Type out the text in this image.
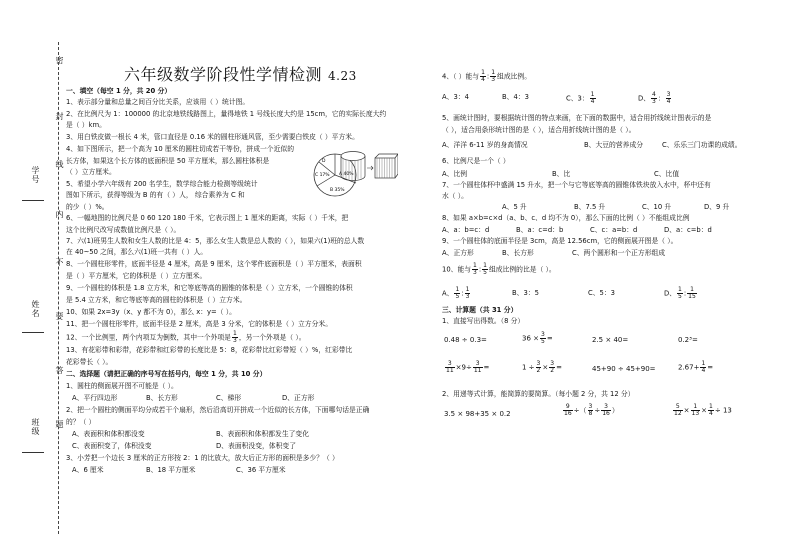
密
封
线
内
不
要
答
题
学号
姓名
班级
六年级数学阶段性学情检测 4.23
一、填空（每空 1 分，共 20 分）
1、表示部分量和总量之间百分比关系，应该用（ ）统计图。
2、在比例尺为 1：100000 的北京地铁线路图上，量得地铁 1 号线长度大约是 15cm，它的实际长度大约
是（ ）km。
3、用白铁皮做一根长 4 米，管口直径是 0.16 米的圆柱形通风管，至少需要白铁皮（ ）平方米。
4、如下图所示，把一个高为 10 厘米的圆柱切成若干等份，拼成一个近似的
长方体，如果这个长方体的底面积是 50 平方厘米，那么圆柱体积是
（ ）立方厘米。
5、希望小学六年级有 200 名学生，数学综合能力检测等级统计
图如下所示，获得等级为 B 的有（ ）人， 综合素养为 C 和
的少（ ）%。
6、一幅地图的比例尺是 0 60 120 180 千米，它表示图上 1 厘米的距离，实际（ ）千米，把
这个比例尺改写成数值比例尺是（ ）。
7、六(1)班男生人数和女生人数的比是 4：5，那么女生人数是总人数的（ ），如果六(1)班的总人数
在 40~50 之间，那么六(1)班一共有（ ）人。
8、一个圆柱形零件，底面半径是 4 厘米，高是 9 厘米，这个零件底面积是（ ）平方厘米，表面积
是（ ）平方厘米，它的体积是（ ）立方厘米。
9、一个圆柱的体积是 1.8 立方米，和它等底等高的圆锥的体积是（ ）立方米，一个圆锥的体积
是 5.4 立方米，和它等底等高的圆柱的体积是（ ）立方米。
10、如果 2x=3y（x、y 都不为 0），那么 x：y=（ ）。
11、把一个圆柱形零件，底面半径是 2 厘米，高是 3 分米，它的体积是（ ）立方分米。
12、一个比例里，两个内项互为倒数，其中一个外项是 $\frac{1}{3}$ ，另一个外项是（ ）。
13、有花彩带和彩带，花彩带和红彩带的长度比是 5：8，花彩带比红彩带短（ ）%，红彩带比
花彩带长（ ）。
二、选择题（请把正确的序号写在括号内，每空 1 分，共 10 分）
1、圆柱的侧面展开图不可能是（ ）。
A、平行四边形	B、长方形	C、梯形	D、正方形
2、把一个圆柱的侧面平均分成若干个扇形，然后沿高切开拼成一个近似的长方体，下面哪句话是正确
的？（ ）
A、表面积和体积都没变	B、表面积和体积都发生了变化
C、表面积变了，体积没变	D、表面积没变，体积变了
3、小芳把一个边长 3 厘米的正方形按 2：1 的比放大，放大后正方形的面积是多少？（ ）
A、6 厘米	B、18 平方厘米	C、36 平方厘米
A 40%
B 35%
C 17%
D
4、（ ）能与 $\frac{1}{4}$ : $\frac{1}{3}$ 组成比例。
A、3：4	B、4：3	C、3： $\frac{1}{4}$	D、 $\frac{4}{3}$ ： $\frac{3}{4}$
5、画统计图时，要根据统计图的特点来画，在下面的数据中，适合用折线统计图表示的是
（ ），适合用条形统计图的是（ ），适合用折线统计图的是（ ）。
A、洋洋 6-11 岁的身高情况	B、大豆的营养成分	C、乐乐三门功课的成绩。
6、比例尺是一个（ ）
A、比例	B、比	C、比值
7、一个圆柱体杯中盛满 15 升水，把一个与它等底等高的圆锥体铁块放入水中，杯中还有
水（ ）。
A、5 升	B、7.5 升	C、10 升	D、9 升
8、如果 a×b=c×d（a、b、c、d 均不为 0），那么下面的比例（ ）不能组成比例
A、a：b=c：d	B、a：c=d：b	C、c：a=b：d	D、a：c=b：d
9、一个圆柱体的底面半径是 3cm，高是 12.56cm，它的侧面展开图是（ ）。
A、正方形	B、长方形	C、两个圆形和一个正方形组成
10、能与 $\frac{1}{3}$ : $\frac{1}{5}$ 组成比例的比是（ ）。
A、 $\frac{1}{5}$ : $\frac{1}{3}$	B、3：5	C、5：3	D、 $\frac{1}{5}$ : $\frac{1}{15}$
三、计算题（共 31 分）
1、直接写出得数。（8 分）
0.48 ÷ 0.3=	$36 \times \frac{3}{5}$ =	2.5 × 40=	0.2³=
$\frac{3}{11} \times 9\div \frac{3}{11}$ =	$1 \div \frac{3}{2} \times \frac{3}{2}$ =	45+90 ÷ 45+90=	$2.67+ \frac{1}{4}$ =
2、用递等式计算，能简算的要简算。（每小题 2 分，共 12 分）
3.5 × 98+35 × 0.2	$\frac{9}{16}$ ÷（ $\frac{3}{8} \div \frac{3}{16}$ ）	$\frac{5}{12} \times \frac{1}{13} \times \frac{1}{4} \div 13$
